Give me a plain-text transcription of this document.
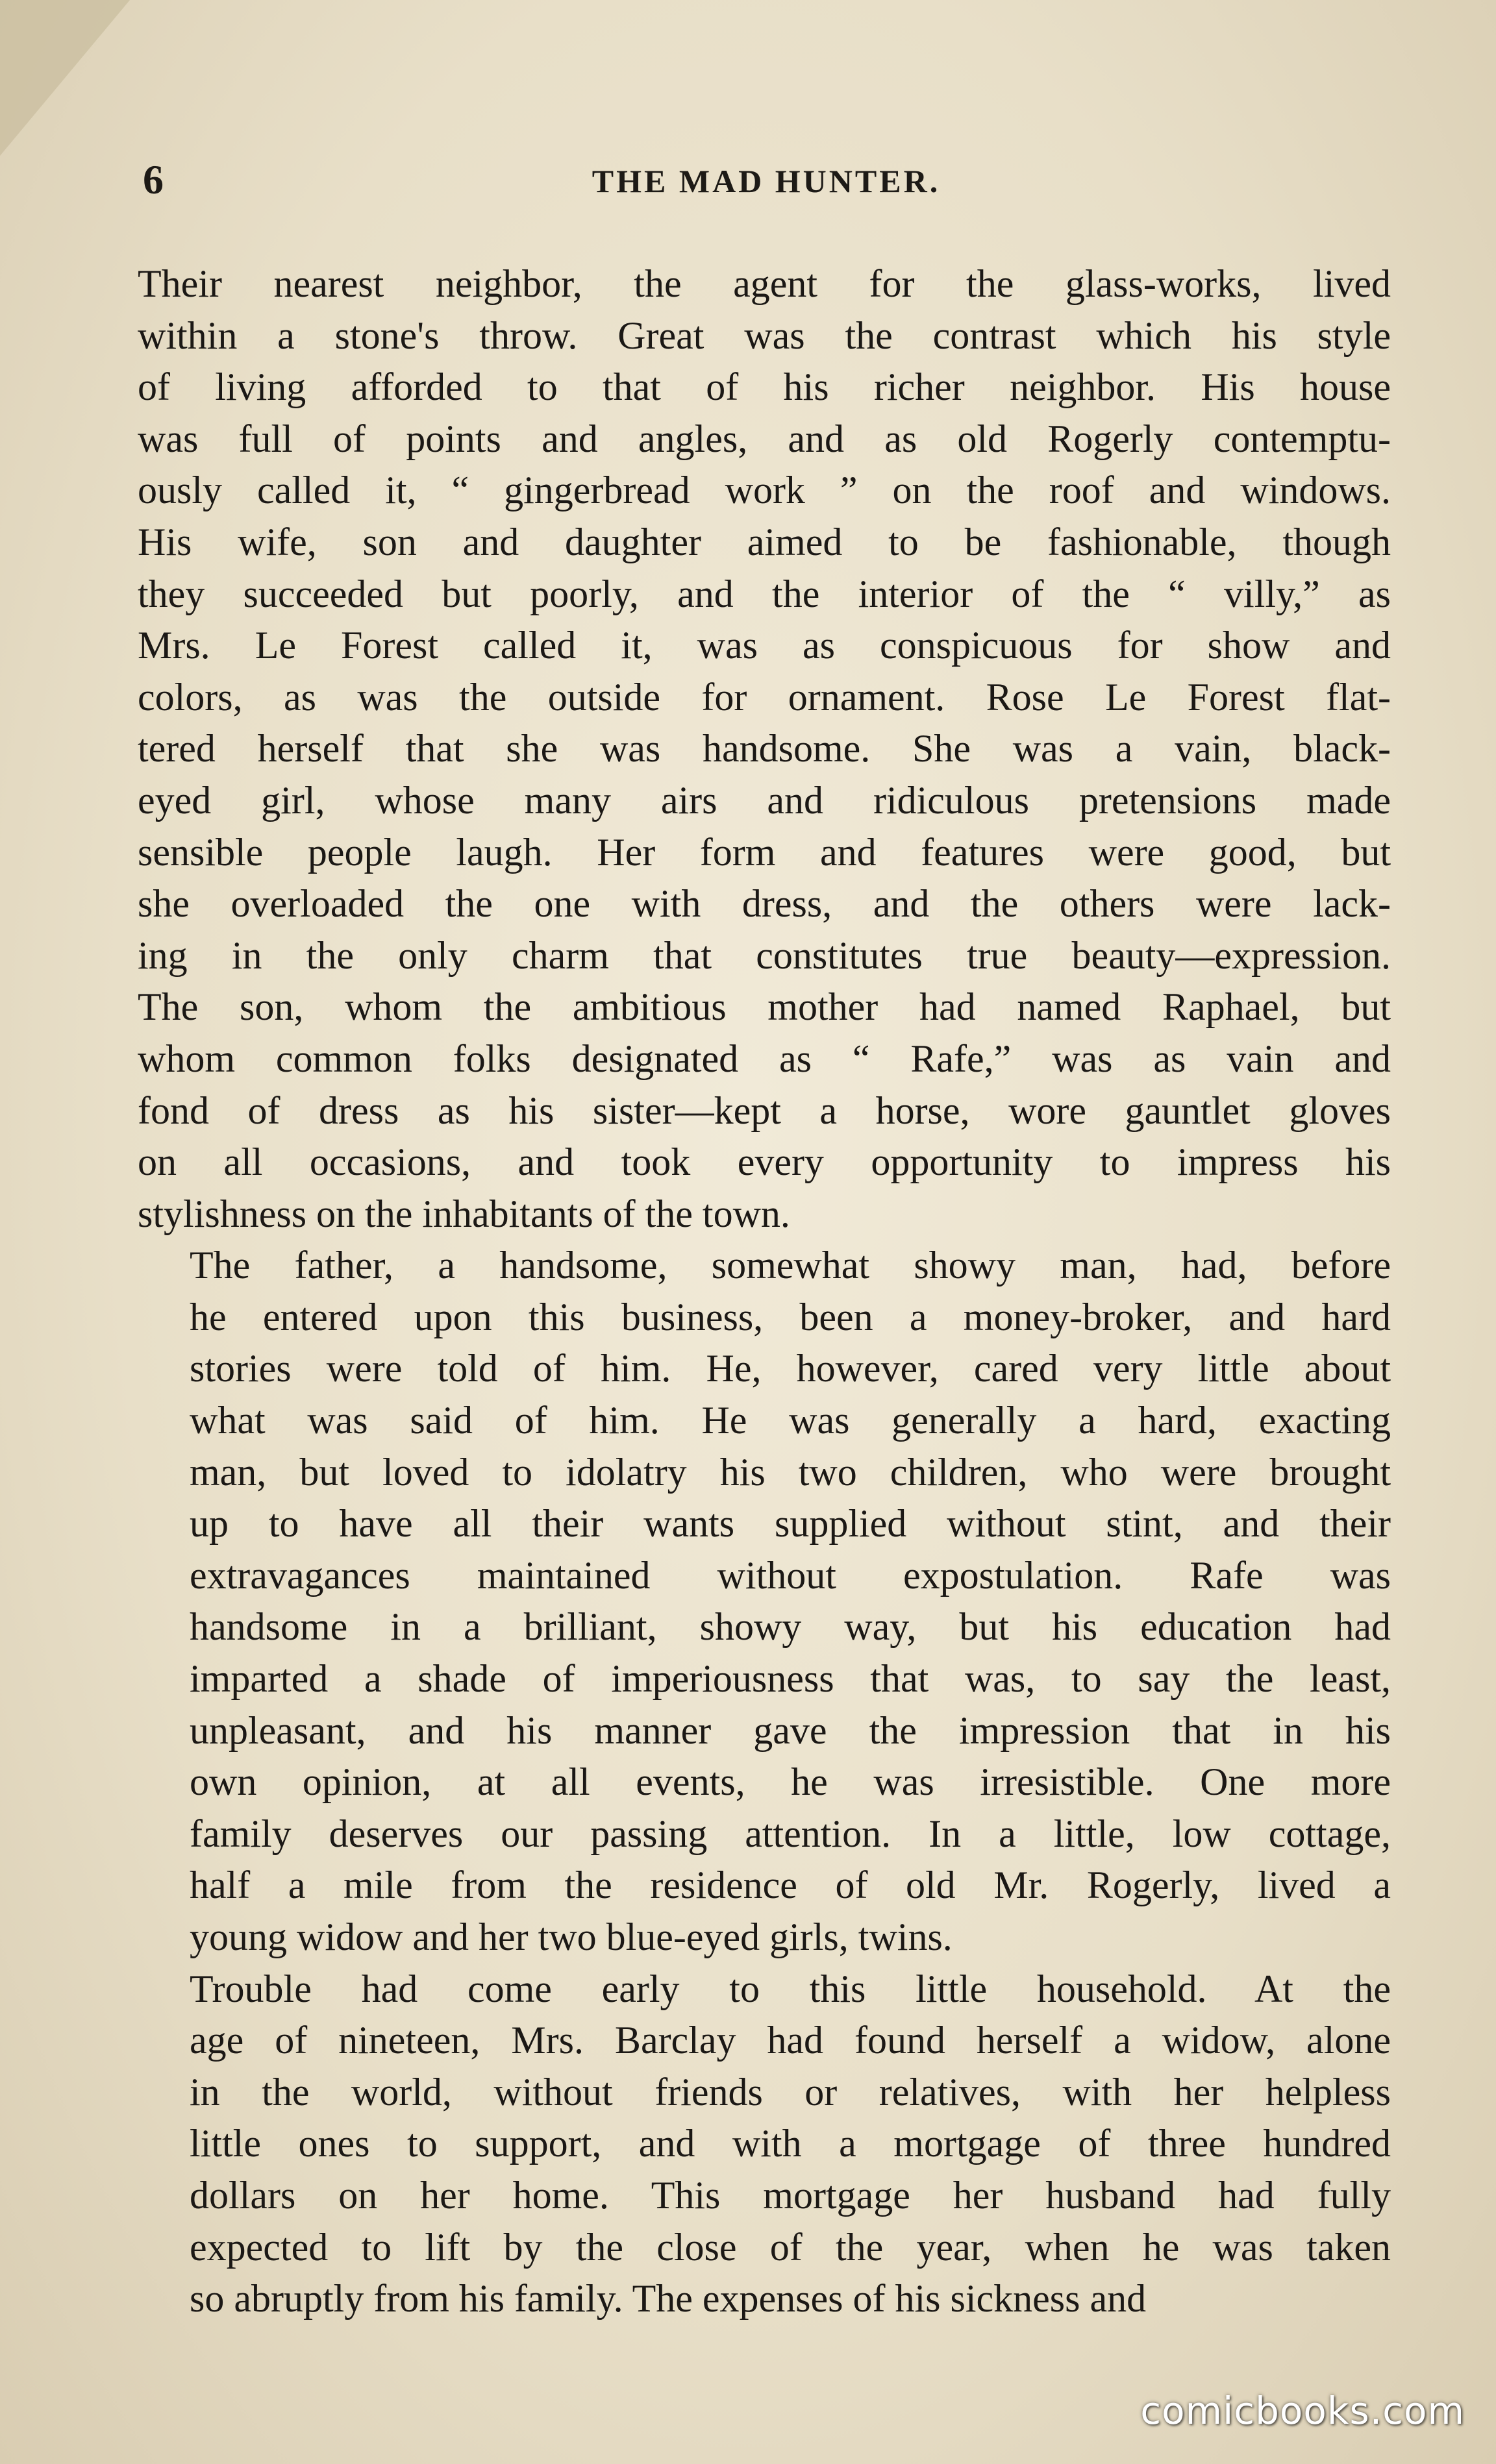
6	THE MAD HUNTER.

Their nearest neighbor, the agent for the glass-works, lived
within a stone's throw. Great was the contrast which his style
of living afforded to that of his richer neighbor. His house
was full of points and angles, and as old Rogerly contemptu-
ously called it, “ gingerbread work ” on the roof and windows.
His wife, son and daughter aimed to be fashionable, though
they succeeded but poorly, and the interior of the “ villy,” as
Mrs. Le Forest called it, was as conspicuous for show and
colors, as was the outside for ornament. Rose Le Forest flat-
tered herself that she was handsome. She was a vain, black-
eyed girl, whose many airs and ridiculous pretensions made
sensible people laugh. Her form and features were good, but
she overloaded the one with dress, and the others were lack-
ing in the only charm that constitutes true beauty—expression.
The son, whom the ambitious mother had named Raphael, but
whom common folks designated as “ Rafe,” was as vain and
fond of dress as his sister—kept a horse, wore gauntlet gloves
on all occasions, and took every opportunity to impress his
stylishness on the inhabitants of the town.

The father, a handsome, somewhat showy man, had, before
he entered upon this business, been a money-broker, and hard
stories were told of him. He, however, cared very little about
what was said of him. He was generally a hard, exacting
man, but loved to idolatry his two children, who were brought
up to have all their wants supplied without stint, and their
extravagances maintained without expostulation. Rafe was
handsome in a brilliant, showy way, but his education had
imparted a shade of imperiousness that was, to say the least,
unpleasant, and his manner gave the impression that in his
own opinion, at all events, he was irresistible. One more
family deserves our passing attention. In a little, low cottage,
half a mile from the residence of old Mr. Rogerly, lived a
young widow and her two blue-eyed girls, twins.

Trouble had come early to this little household. At the
age of nineteen, Mrs. Barclay had found herself a widow, alone
in the world, without friends or relatives, with her helpless
little ones to support, and with a mortgage of three hundred
dollars on her home. This mortgage her husband had fully
expected to lift by the close of the year, when he was taken
so abruptly from his family. The expenses of his sickness and

comicbooks.com
